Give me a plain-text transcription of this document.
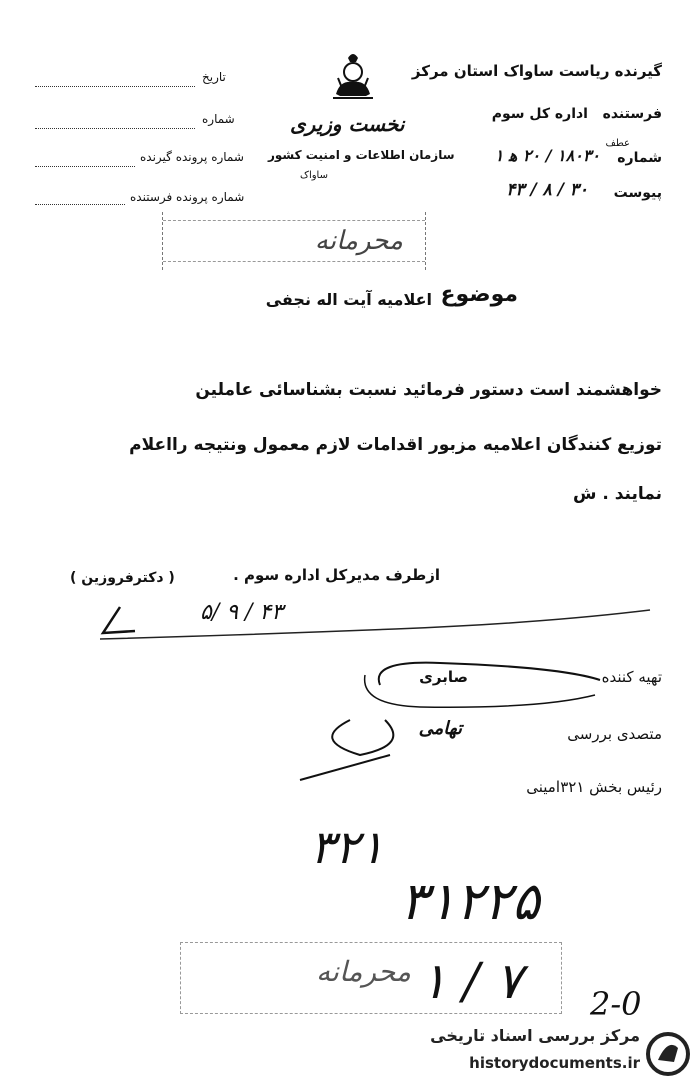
گیرنده ریاست ساواک استان مرکز
فرستنده
اداره کل سوم
شماره
عطف
۱۸۰۳۰ / ۲۰ ه‍ ۱
پیوست
۴۳ / ۸ / ۳۰
تاریخ
شماره
شماره پرونده گیرنده
شماره پرونده فرستنده
نخست وزیری
سازمان اطلاعات و امنیت کشور
ساواک
محرمانه
موضوع
اعلامیه آیت اله نجفی
خواهشمند است دستور فرمائید نسبت بشناسائی عاملین
توزیع کنندگان اعلامیه مزبور اقدامات لازم معمول ونتیجه رااعلام
نمایند . ش
ازطرف مدیرکل اداره سوم .
( دکترفروزین )
۵/ ۹ / ۴۳
تهیه کننده
صابری
متصدی بررسی
تهامی
رئیس بخش ۳۲۱
امینی
۳۲۱
۳۱۲۲۵
محرمانه ۱ / ۷ 2-0
مرکز بررسی اسناد تاریخی
historydocuments.ir
